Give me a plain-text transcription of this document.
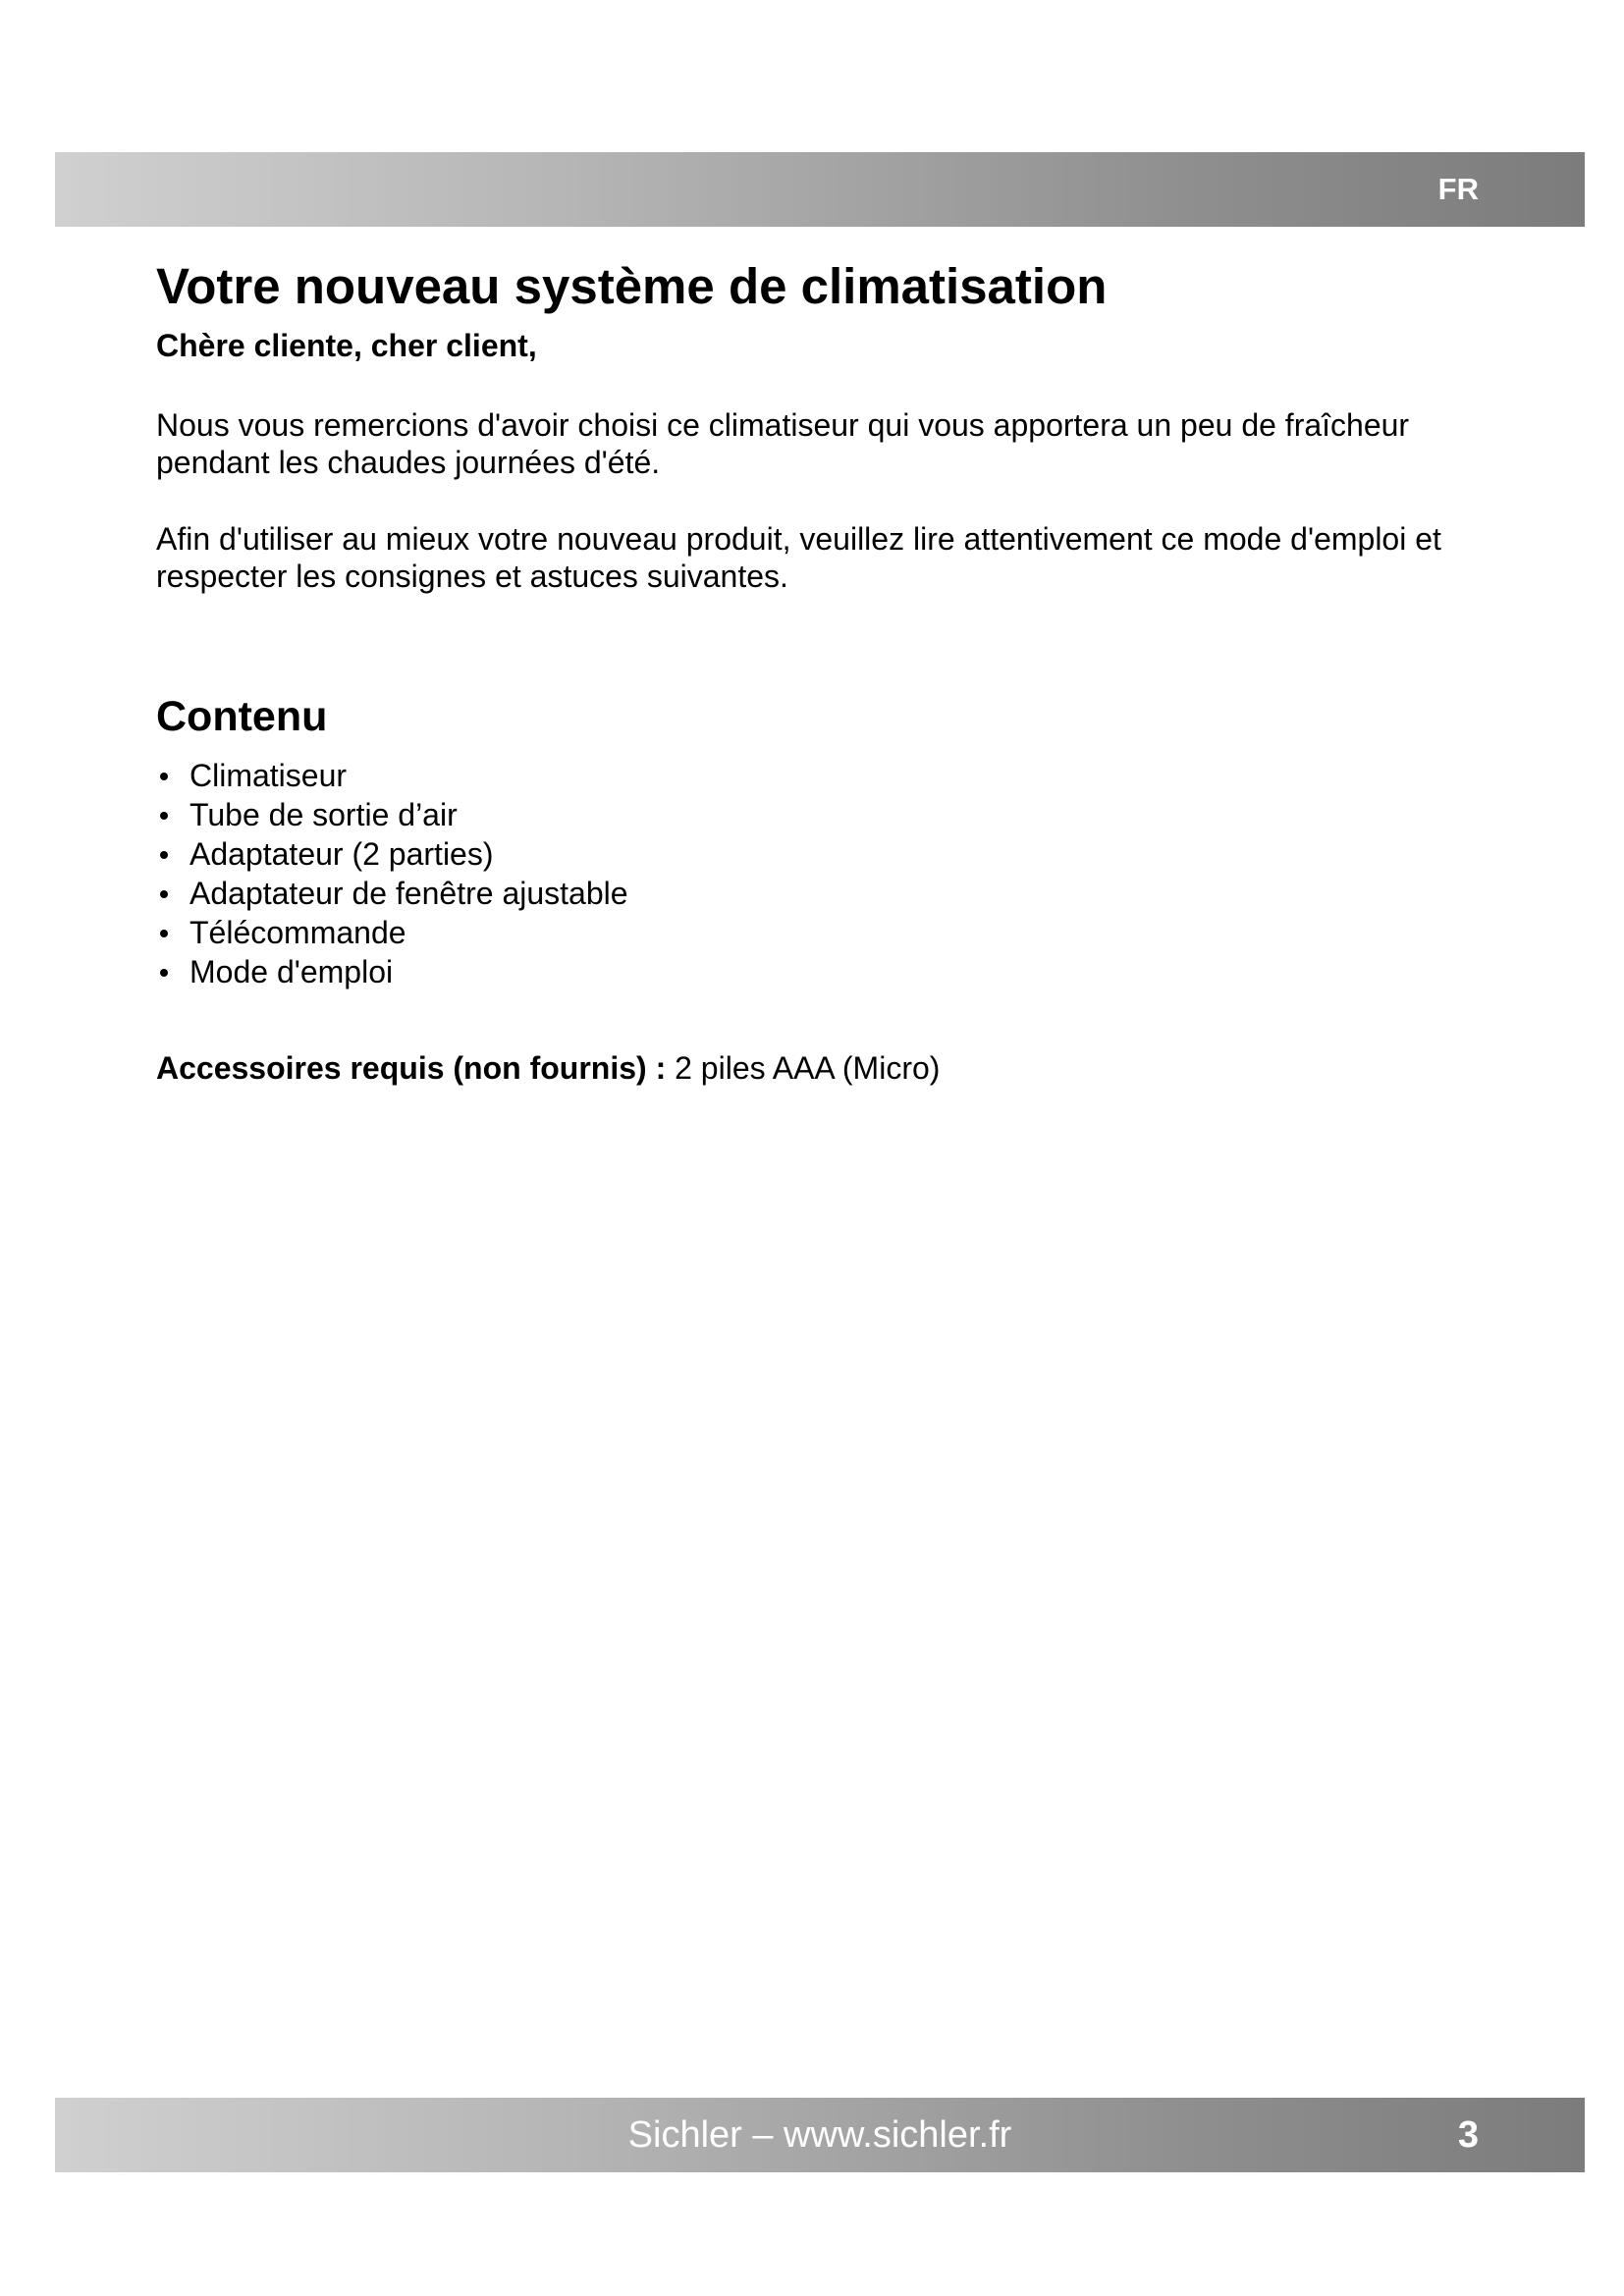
FR
Votre nouveau système de climatisation

Chère cliente, cher client,

Nous vous remercions d'avoir choisi ce climatiseur qui vous apportera un peu de fraîcheur pendant les chaudes journées d'été.

Afin d'utiliser au mieux votre nouveau produit, veuillez lire attentivement ce mode d'emploi et respecter les consignes et astuces suivantes.

Contenu
Climatiseur
Tube de sortie d’air
Adaptateur (2 parties)
Adaptateur de fenêtre ajustable
Télécommande
Mode d'emploi

Accessoires requis (non fournis) : 2 piles AAA (Micro)

Sichler – www.sichler.fr	3
